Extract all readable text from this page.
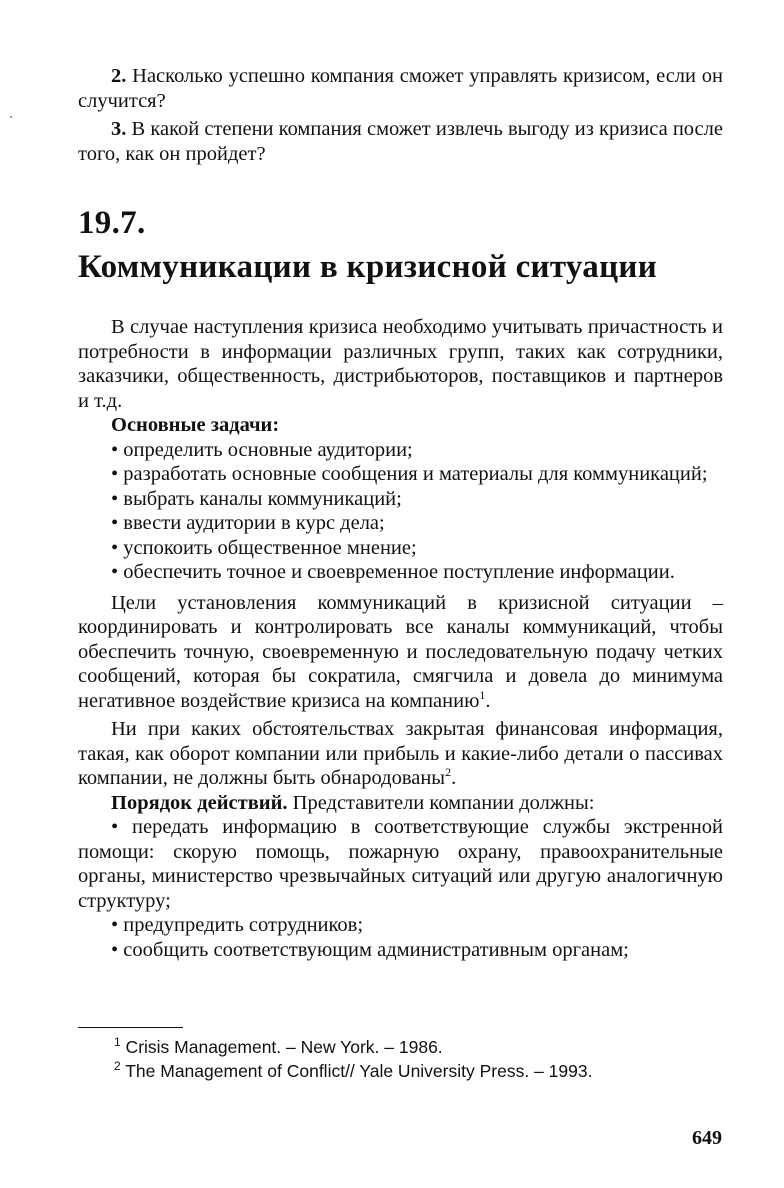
2. Насколько успешно компания сможет управлять кризисом, если он случится?

3. В какой степени компания сможет извлечь выгоду из кризиса после того, как он пройдет?

19.7.
Коммуникации в кризисной ситуации

В случае наступления кризиса необходимо учитывать причастность и потребности в информации различных групп, таких как сотрудники, заказчики, общественность, дистрибьюторов, поставщиков и партнеров и т.д.

Основные задачи:

• определить основные аудитории;

• разработать основные сообщения и материалы для коммуникаций;

• выбрать каналы коммуникаций;

• ввести аудитории в курс дела;

• успокоить общественное мнение;

• обеспечить точное и своевременное поступление информации.

Цели установления коммуникаций в кризисной ситуации – координировать и контролировать все каналы коммуникаций, чтобы обеспечить точную, своевременную и последовательную подачу четких сообщений, которая бы сократила, смягчила и довела до минимума негативное воздействие кризиса на компанию$^1$.

Ни при каких обстоятельствах закрытая финансовая информация, такая, как оборот компании или прибыль и какие-либо детали о пассивах компании, не должны быть обнародованы$^2$.

Порядок действий. Представители компании должны:

• передать информацию в соответствующие службы экстренной помощи: скорую помощь, пожарную охрану, правоохранительные органы, министерство чрезвычайных ситуаций или другую аналогичную структуру;

• предупредить сотрудников;

• сообщить соответствующим административным органам;

$^1$ Crisis Management. – New York. – 1986.
$^2$ The Management of Conflict// Yale University Press. – 1993.
649
